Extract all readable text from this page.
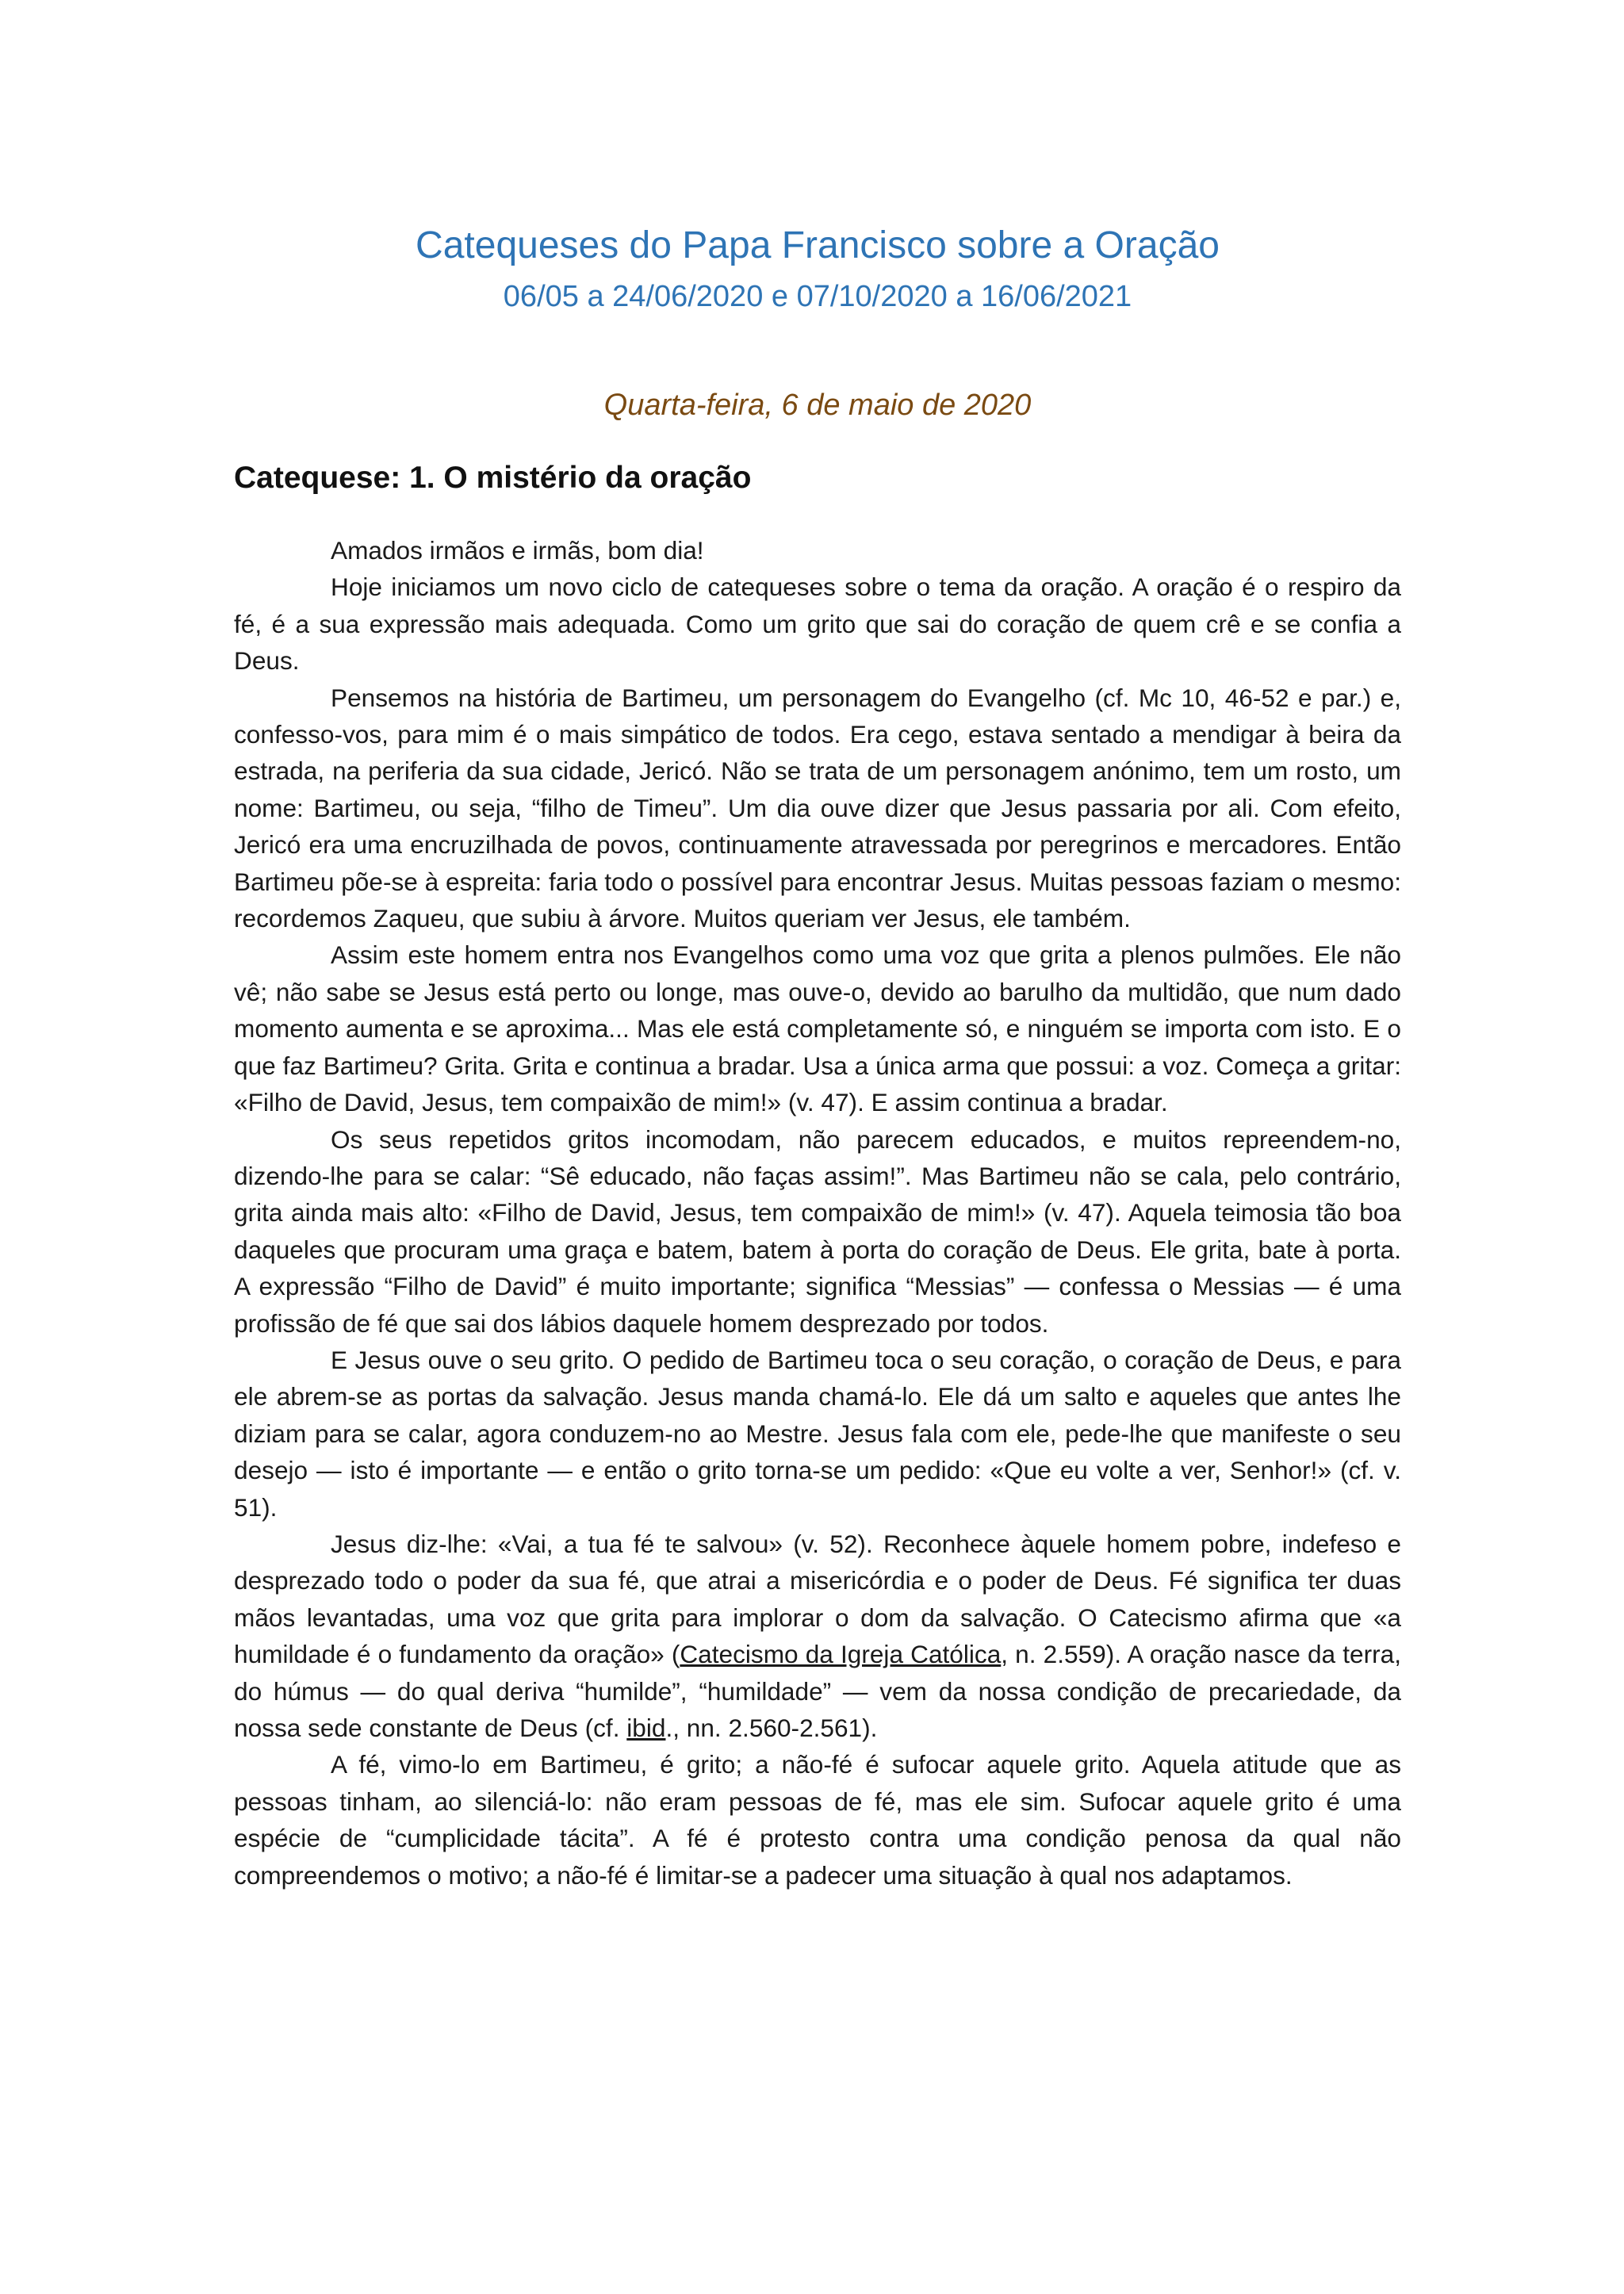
Catequeses do Papa Francisco sobre a Oração
06/05 a 24/06/2020 e 07/10/2020 a 16/06/2021
Quarta-feira, 6 de maio de 2020
Catequese: 1. O mistério da oração

Amados irmãos e irmãs, bom dia!

Hoje iniciamos um novo ciclo de catequeses sobre o tema da oração. A oração é o respiro da fé, é a sua expressão mais adequada. Como um grito que sai do coração de quem crê e se confia a Deus.

Pensemos na história de Bartimeu, um personagem do Evangelho (cf. Mc 10, 46-52 e par.) e, confesso-vos, para mim é o mais simpático de todos. Era cego, estava sentado a mendigar à beira da estrada, na periferia da sua cidade, Jericó. Não se trata de um personagem anónimo, tem um rosto, um nome: Bartimeu, ou seja, “filho de Timeu”. Um dia ouve dizer que Jesus passaria por ali. Com efeito, Jericó era uma encruzilhada de povos, continuamente atravessada por peregrinos e mercadores. Então Bartimeu põe-se à espreita: faria todo o possível para encontrar Jesus. Muitas pessoas faziam o mesmo: recordemos Zaqueu, que subiu à árvore. Muitos queriam ver Jesus, ele também.

Assim este homem entra nos Evangelhos como uma voz que grita a plenos pulmões. Ele não vê; não sabe se Jesus está perto ou longe, mas ouve-o, devido ao barulho da multidão, que num dado momento aumenta e se aproxima... Mas ele está completamente só, e ninguém se importa com isto. E o que faz Bartimeu? Grita. Grita e continua a bradar. Usa a única arma que possui: a voz. Começa a gritar: «Filho de David, Jesus, tem compaixão de mim!» (v. 47). E assim continua a bradar.

Os seus repetidos gritos incomodam, não parecem educados, e muitos repreendem-no, dizendo-lhe para se calar: “Sê educado, não faças assim!”. Mas Bartimeu não se cala, pelo contrário, grita ainda mais alto: «Filho de David, Jesus, tem compaixão de mim!» (v. 47). Aquela teimosia tão boa daqueles que procuram uma graça e batem, batem à porta do coração de Deus. Ele grita, bate à porta. A expressão “Filho de David” é muito importante; significa “Messias” — confessa o Messias — é uma profissão de fé que sai dos lábios daquele homem desprezado por todos.

E Jesus ouve o seu grito. O pedido de Bartimeu toca o seu coração, o coração de Deus, e para ele abrem-se as portas da salvação. Jesus manda chamá-lo. Ele dá um salto e aqueles que antes lhe diziam para se calar, agora conduzem-no ao Mestre. Jesus fala com ele, pede-lhe que manifeste o seu desejo — isto é importante — e então o grito torna-se um pedido: «Que eu volte a ver, Senhor!» (cf. v. 51).

Jesus diz-lhe: «Vai, a tua fé te salvou» (v. 52). Reconhece àquele homem pobre, indefeso e desprezado todo o poder da sua fé, que atrai a misericórdia e o poder de Deus. Fé significa ter duas mãos levantadas, uma voz que grita para implorar o dom da salvação. O Catecismo afirma que «a humildade é o fundamento da oração» (Catecismo da Igreja Católica, n. 2.559). A oração nasce da terra, do húmus — do qual deriva “humilde”, “humildade” — vem da nossa condição de precariedade, da nossa sede constante de Deus (cf. ibid., nn. 2.560-2.561).

A fé, vimo-lo em Bartimeu, é grito; a não-fé é sufocar aquele grito. Aquela atitude que as pessoas tinham, ao silenciá-lo: não eram pessoas de fé, mas ele sim. Sufocar aquele grito é uma espécie de “cumplicidade tácita”. A fé é protesto contra uma condição penosa da qual não compreendemos o motivo; a não-fé é limitar-se a padecer uma situação à qual nos adaptamos.
